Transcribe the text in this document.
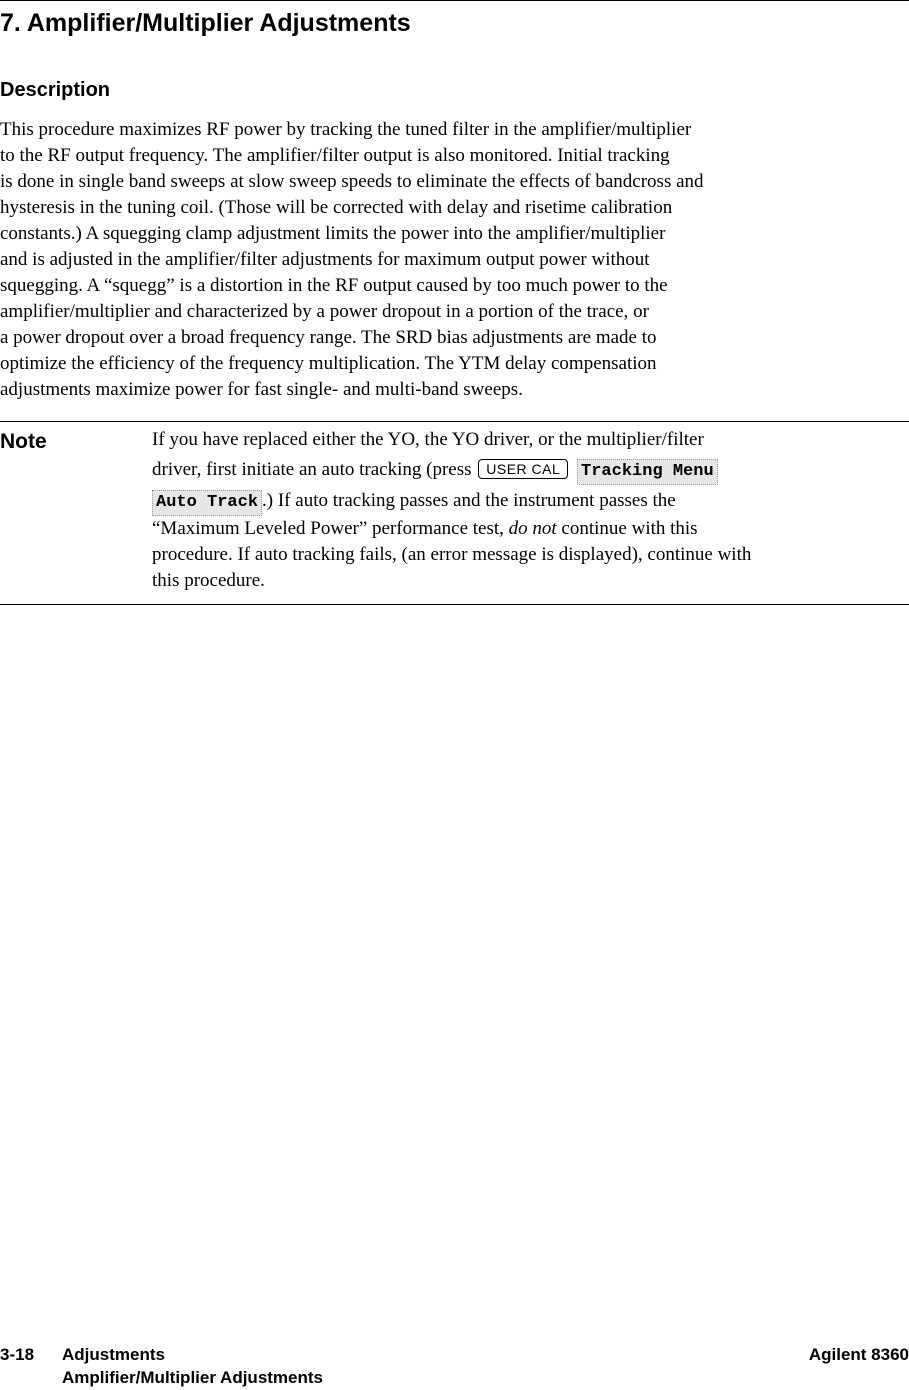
7. Amplifier/Multiplier Adjustments
Description
This procedure maximizes RF power by tracking the tuned filter in the amplifier/multiplier
to the RF output frequency. The amplifier/filter output is also monitored. Initial tracking
is done in single band sweeps at slow sweep speeds to eliminate the effects of bandcross and
hysteresis in the tuning coil. (Those will be corrected with delay and risetime calibration
constants.) A squegging clamp adjustment limits the power into the amplifier/multiplier
and is adjusted in the amplifier/filter adjustments for maximum output power without
squegging. A “squegg” is a distortion in the RF output caused by too much power to the
amplifier/multiplier and characterized by a power dropout in a portion of the trace, or
a power dropout over a broad frequency range. The SRD bias adjustments are made to
optimize the efficiency of the frequency multiplication. The YTM delay compensation
adjustments maximize power for fast single- and multi-band sweeps.
Note	If you have replaced either the YO, the YO driver, or the multiplier/filter
driver, first initiate an auto tracking (press USER CAL Tracking Menu
Auto Track .) If auto tracking passes and the instrument passes the
“Maximum Leveled Power” performance test, do not continue with this
procedure. If auto tracking fails, (an error message is displayed), continue with
this procedure.
3-18 Adjustments
Amplifier/Multiplier Adjustments
Agilent 8360
